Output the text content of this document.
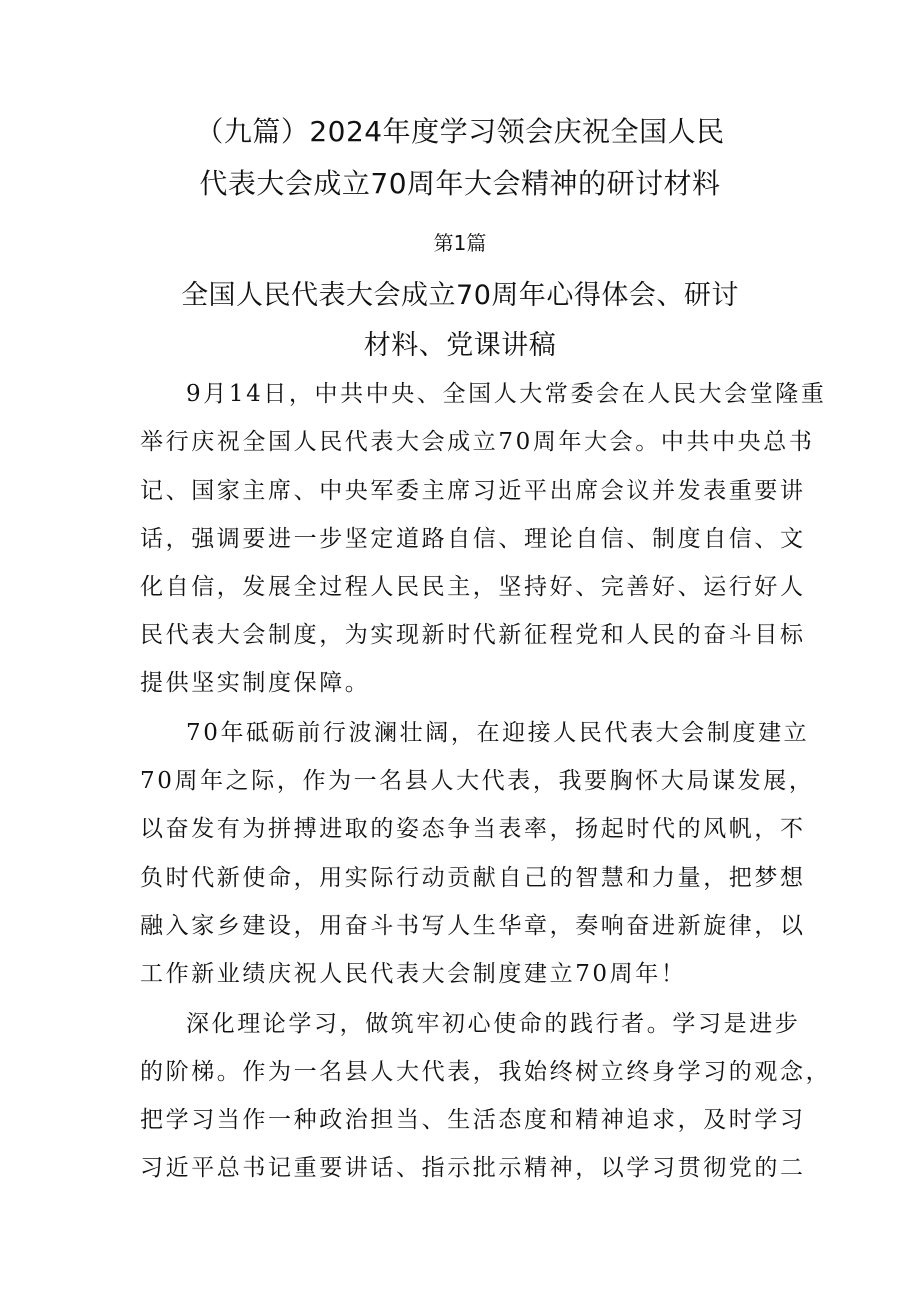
（九篇）2024年度学习领会庆祝全国人民
代表大会成立70周年大会精神的研讨材料
第1篇
全国人民代表大会成立70周年心得体会、研讨
材料、党课讲稿
9月14日，中共中央、全国人大常委会在人民大会堂隆重
举行庆祝全国人民代表大会成立70周年大会。中共中央总书
记、国家主席、中央军委主席习近平出席会议并发表重要讲
话，强调要进一步坚定道路自信、理论自信、制度自信、文
化自信，发展全过程人民民主，坚持好、完善好、运行好人
民代表大会制度，为实现新时代新征程党和人民的奋斗目标
提供坚实制度保障。
70年砥砺前行波澜壮阔，在迎接人民代表大会制度建立
70周年之际，作为一名县人大代表，我要胸怀大局谋发展，
以奋发有为拼搏进取的姿态争当表率，扬起时代的风帆，不
负时代新使命，用实际行动贡献自己的智慧和力量，把梦想
融入家乡建设，用奋斗书写人生华章，奏响奋进新旋律，以
工作新业绩庆祝人民代表大会制度建立70周年！
深化理论学习，做筑牢初心使命的践行者。学习是进步
的阶梯。作为一名县人大代表，我始终树立终身学习的观念，
把学习当作一种政治担当、生活态度和精神追求，及时学习
习近平总书记重要讲话、指示批示精神，以学习贯彻党的二
